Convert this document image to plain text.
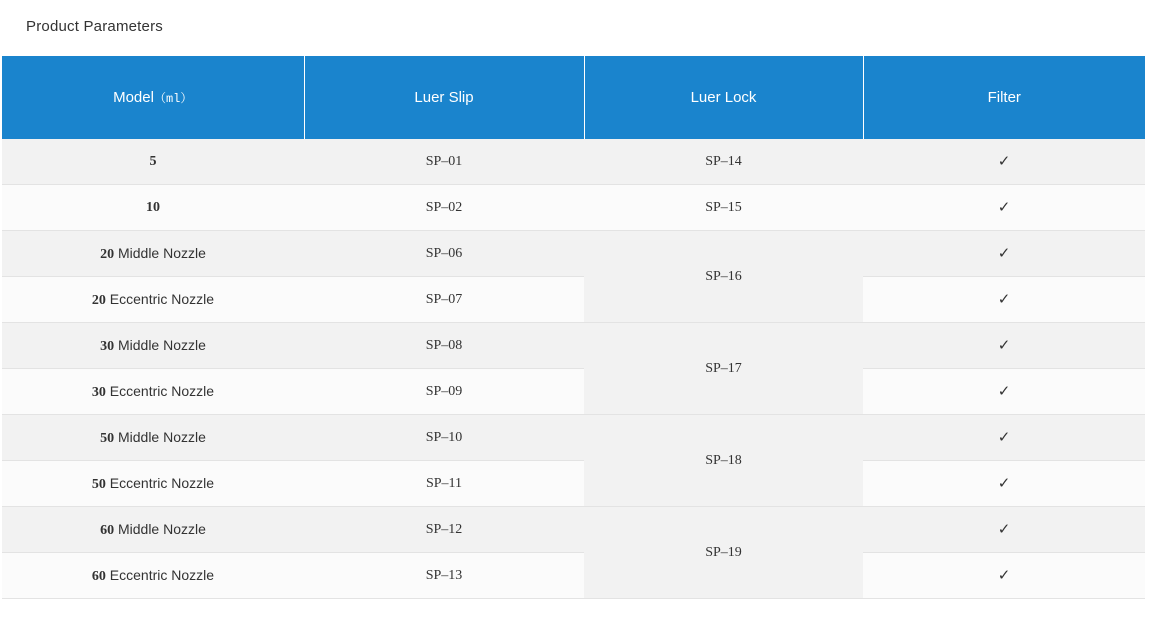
Product Parameters
Model（ml）	Luer Slip	Luer Lock	Filter
5	SP–01	SP–14	✓
10	SP–02	SP–15	✓
20 Middle Nozzle	SP–06	SP–16	✓
20 Eccentric Nozzle	SP–07		✓
30 Middle Nozzle	SP–08	SP–17	✓
30 Eccentric Nozzle	SP–09		✓
50 Middle Nozzle	SP–10	SP–18	✓
50 Eccentric Nozzle	SP–11		✓
60 Middle Nozzle	SP–12	SP–19	✓
60 Eccentric Nozzle	SP–13		✓
